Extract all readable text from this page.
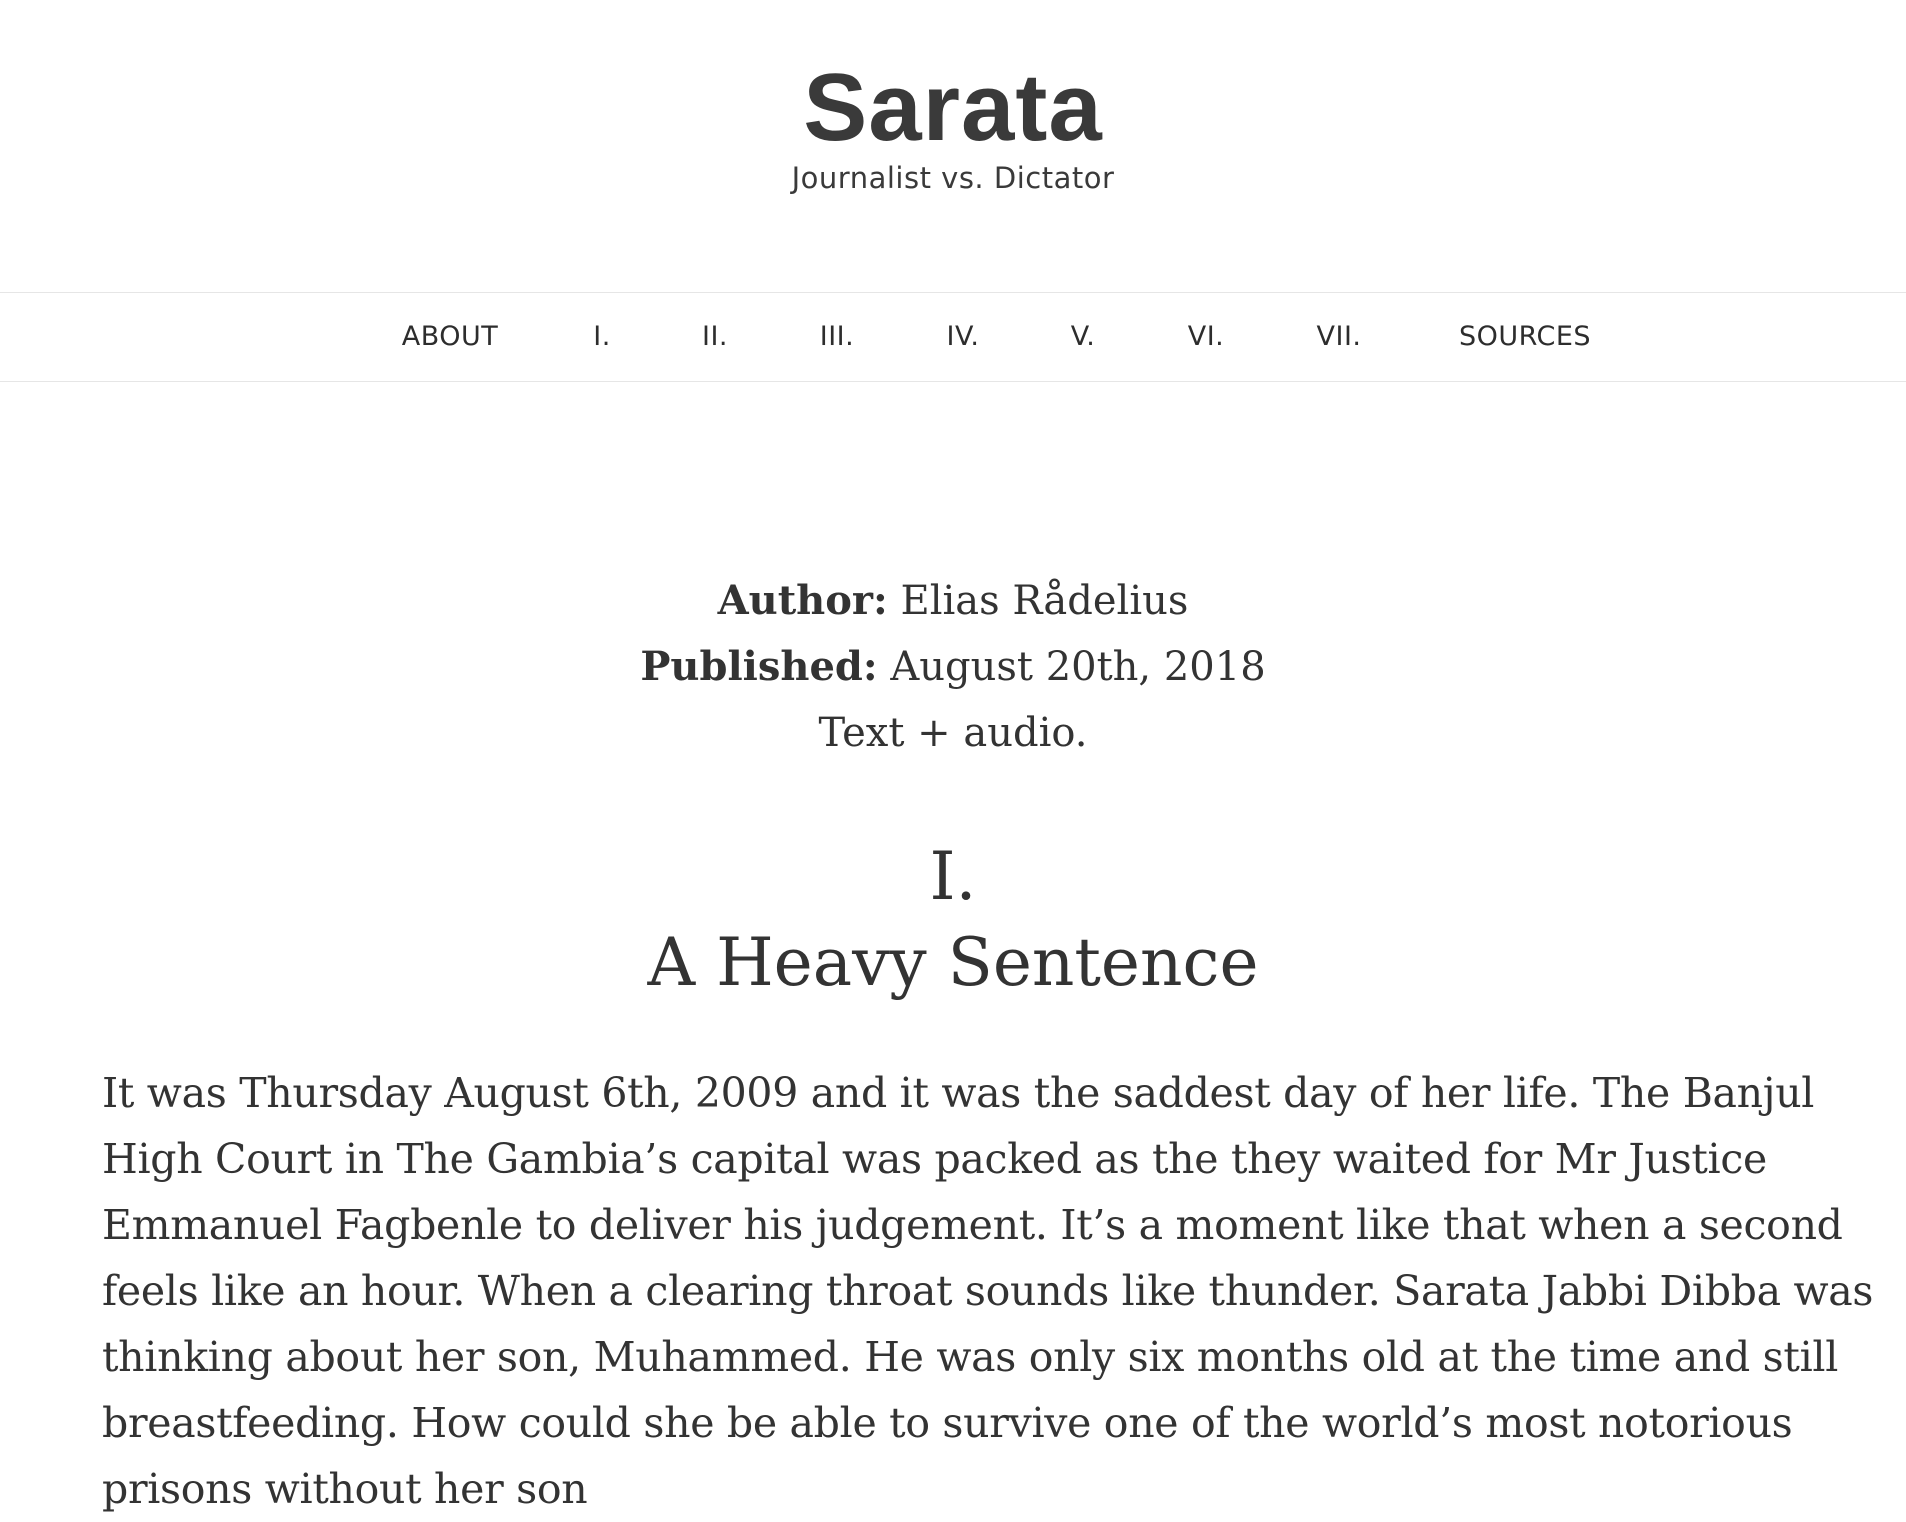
Sarata

Journalist vs. Dictator

ABOUT	I.	II.	III.	IV.	V.	VI.	VII.	SOURCES
Author: Elias Rådelius
Published: August 20th, 2018
Text + audio.
I.
A Heavy Sentence

It was Thursday August 6th, 2009 and it was the saddest day of her life. The Banjul High Court in The Gambia’s capital was packed as the they waited for Mr Justice Emmanuel Fagbenle to deliver his judgement. It’s a moment like that when a second feels like an hour. When a clearing throat sounds like thunder. Sarata Jabbi Dibba was thinking about her son, Muhammed. He was only six months old at the time and still breastfeeding. How could she be able to survive one of the world’s most notorious prisons without her son
